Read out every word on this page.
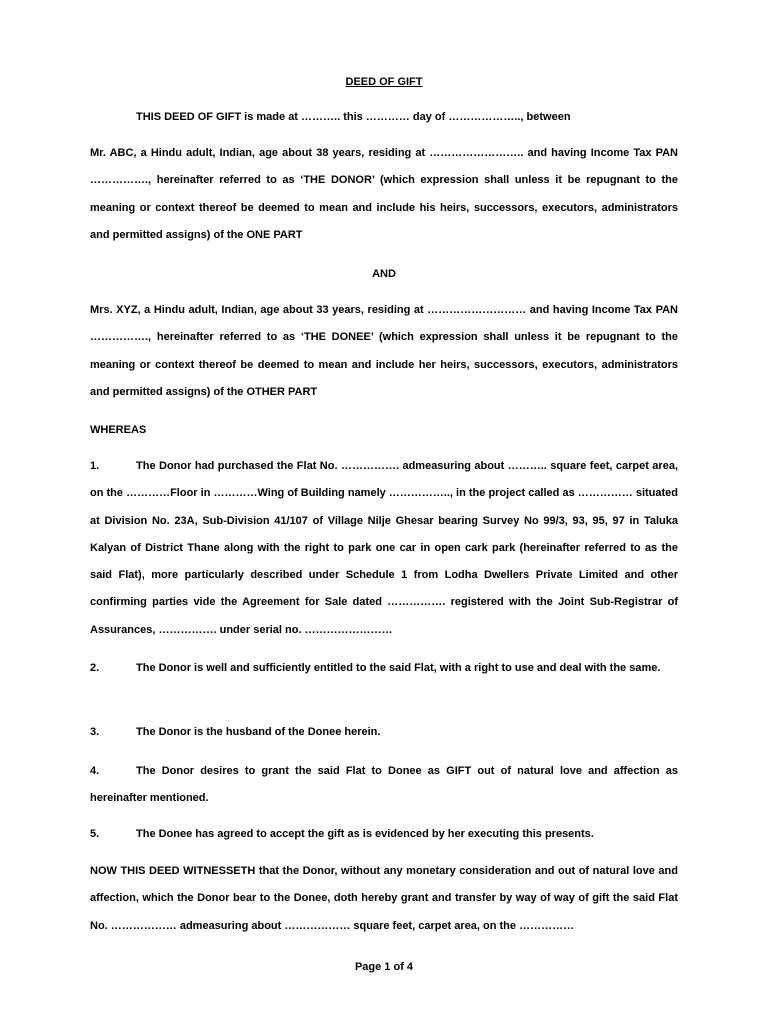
DEED OF GIFT
THIS DEED OF GIFT is made at ……….. this ………… day of ……………….., between
Mr. ABC, a Hindu adult, Indian, age about 38 years, residing at …………………….. and having Income Tax PAN ……………., hereinafter referred to as ‘THE DONOR’ (which expression shall unless it be repugnant to the meaning or context thereof be deemed to mean and include his heirs, successors, executors, administrators and permitted assigns) of the ONE PART
AND
Mrs. XYZ, a Hindu adult, Indian, age about 33 years, residing at ……………………… and having Income Tax PAN ……………., hereinafter referred to as ‘THE DONEE’ (which expression shall unless it be repugnant to the meaning or context thereof be deemed to mean and include her heirs, successors, executors, administrators and permitted assigns) of the OTHER PART
WHEREAS
1.	The Donor had purchased the Flat No. ……………. admeasuring about ……….. square feet, carpet area, on the …………Floor in …………Wing of Building namely …………….., in the project called as …………… situated at Division No. 23A, Sub-Division 41/107 of Village Nilje Ghesar bearing Survey No 99/3, 93, 95, 97 in Taluka Kalyan of District Thane along with the right to park one car in open cark park (hereinafter referred to as the said Flat), more particularly described under Schedule 1 from Lodha Dwellers Private Limited and other confirming parties vide the Agreement for Sale dated ……………. registered with the Joint Sub-Registrar of Assurances, ……………. under serial no. ……………………
2.	The Donor is well and sufficiently entitled to the said Flat, with a right to use and deal with the same.
3.	The Donor is the husband of the Donee herein.
4.	The Donor desires to grant the said Flat to Donee as GIFT out of natural love and affection as hereinafter mentioned.
5.	The Donee has agreed to accept the gift as is evidenced by her executing this presents.
NOW THIS DEED WITNESSETH that the Donor, without any monetary consideration and out of natural love and affection, which the Donor bear to the Donee, doth hereby grant and transfer by way of way of gift the said Flat No. ……………… admeasuring about ……………… square feet, carpet area, on the ……………
Page 1 of 4
